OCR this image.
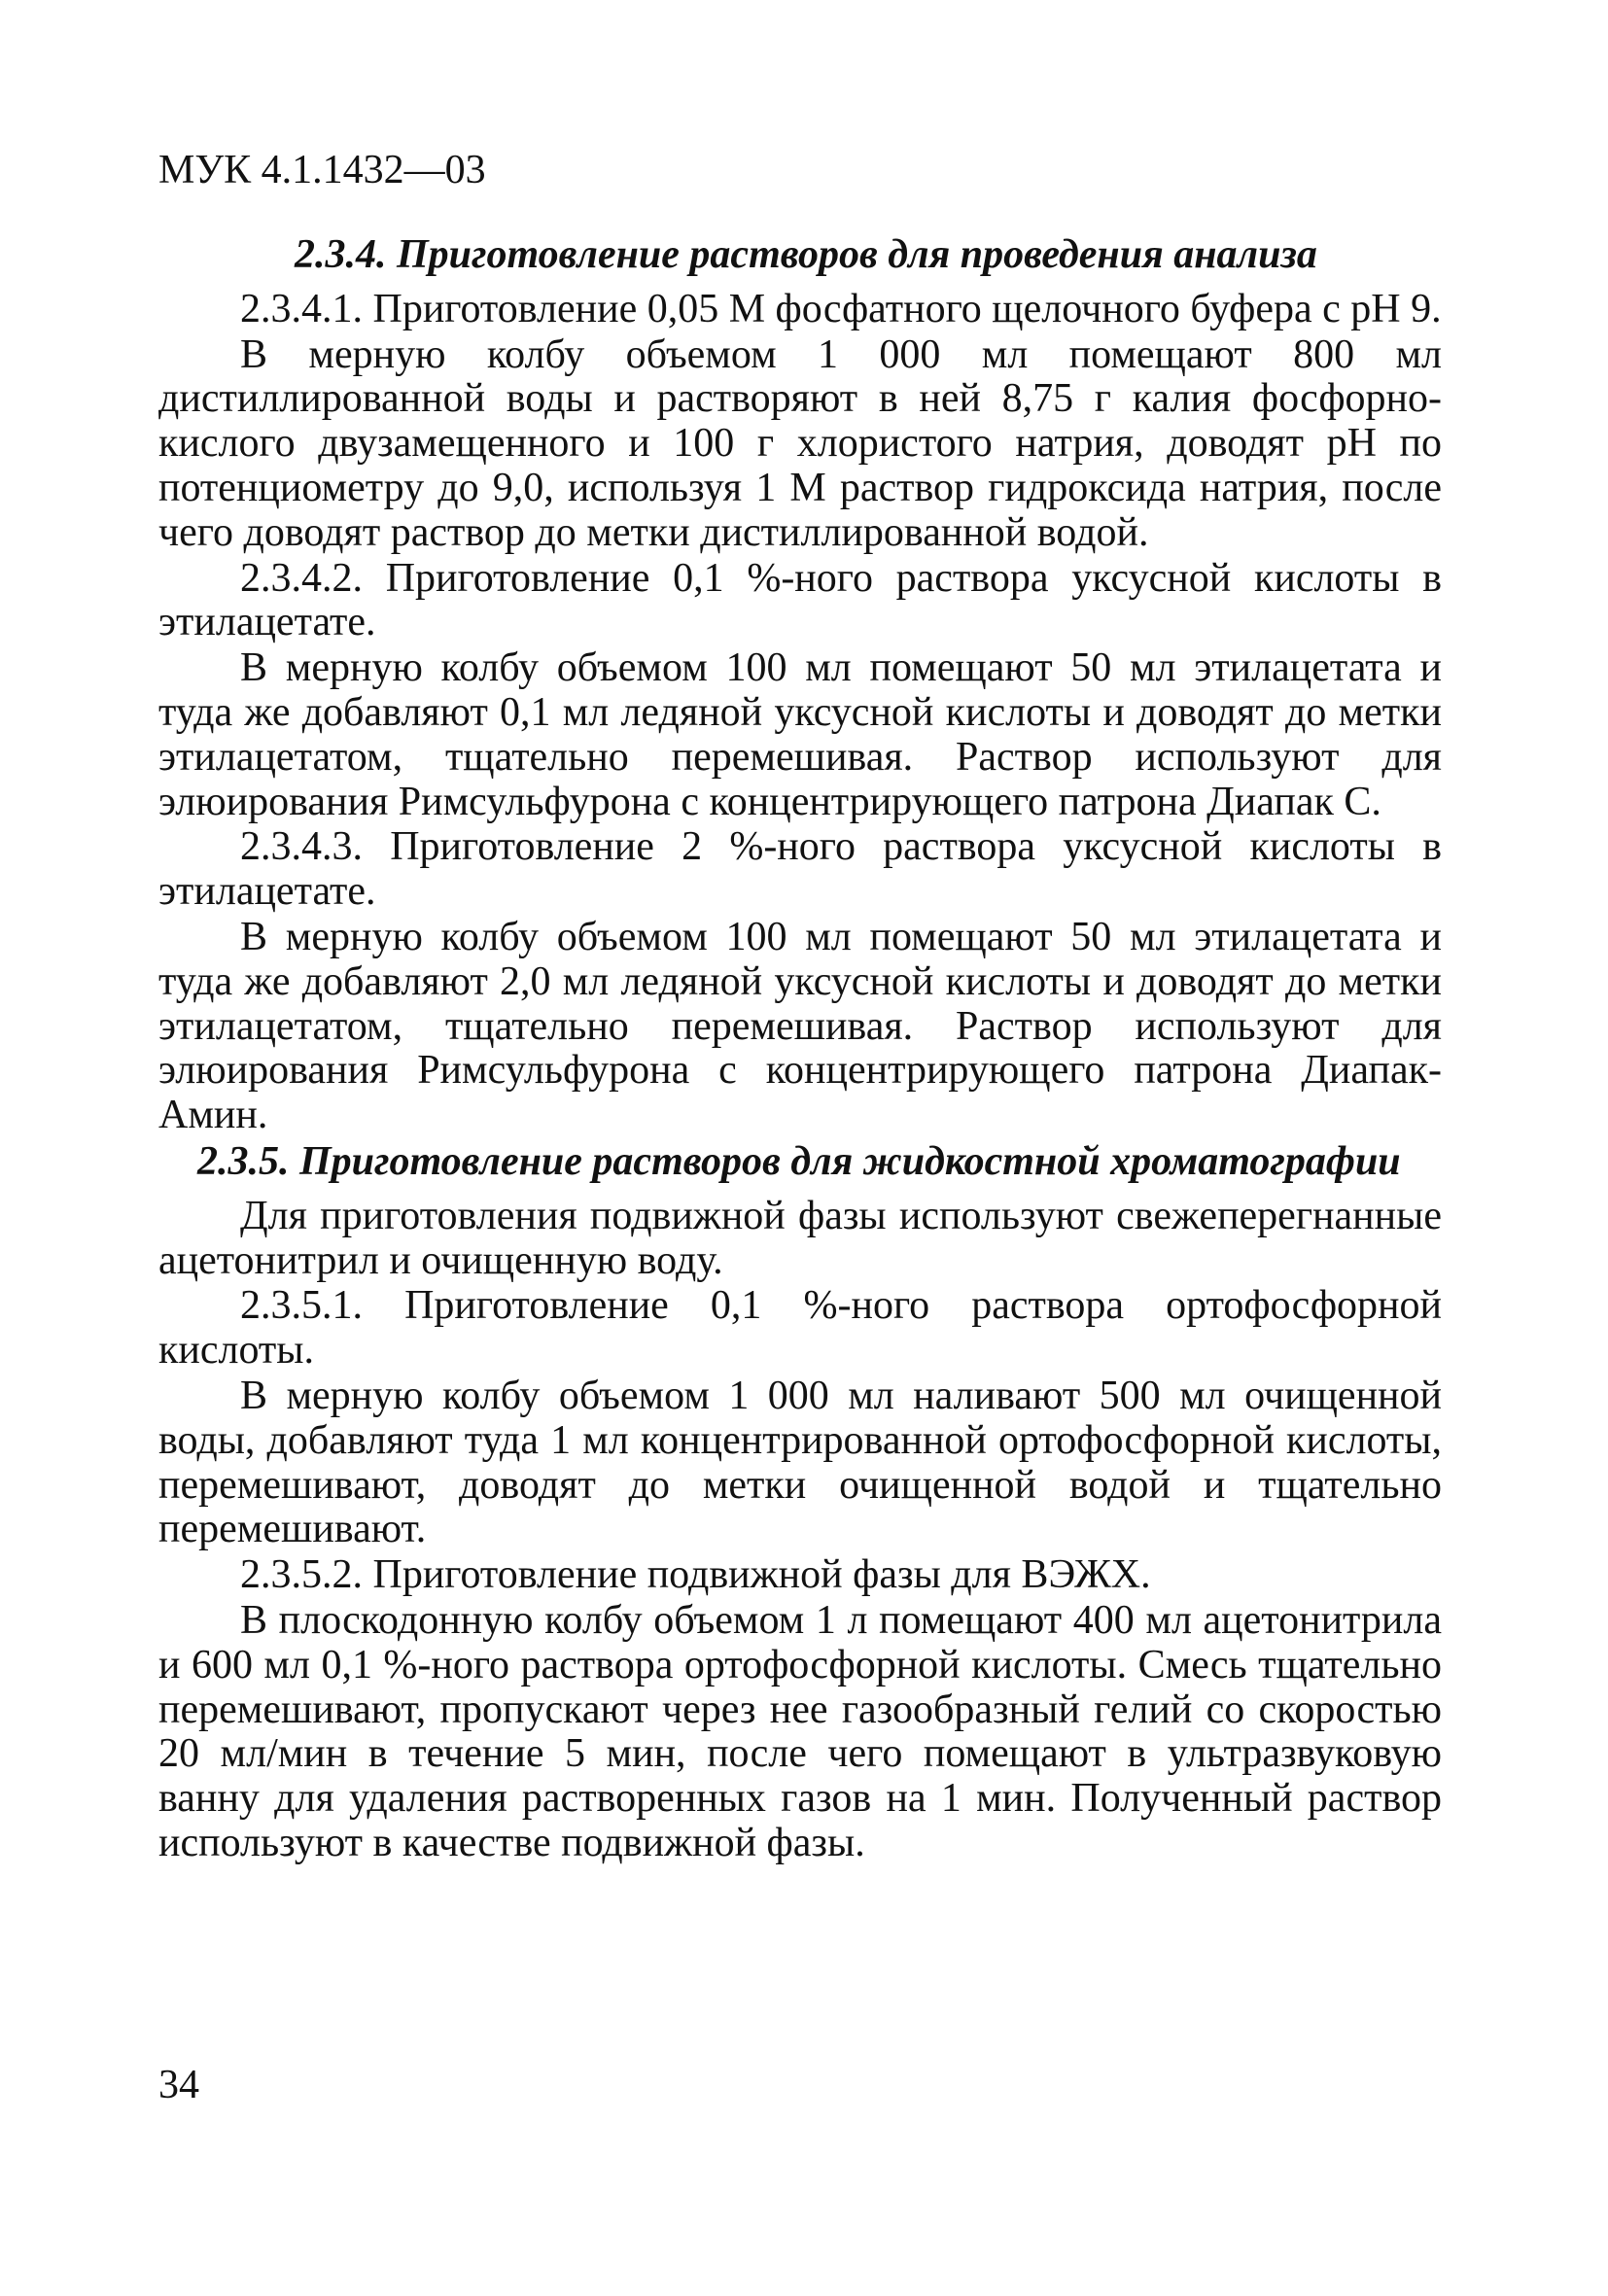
МУК 4.1.1432—03

2.3.4. Приготовление растворов для проведения анализа

2.3.4.1. Приготовление 0,05 М фосфатного щелочного буфера с pH 9.

В мерную колбу объемом 1 000 мл помещают 800 мл дистиллированной воды и растворяют в ней 8,75 г калия фосфорно-кислого двузамещенного и 100 г хлористого натрия, доводят pH по потенциометру до 9,0, используя 1 М раствор гидроксида натрия, после чего доводят раствор до метки дистиллированной водой.

2.3.4.2. Приготовление 0,1 %-ного раствора уксусной кислоты в этилацетате.

В мерную колбу объемом 100 мл помещают 50 мл этилацетата и туда же добавляют 0,1 мл ледяной уксусной кислоты и доводят до метки этилацетатом, тщательно перемешивая. Раствор используют для элюирования Римсульфурона с концентрирующего патрона Диапак С.

2.3.4.3. Приготовление 2 %-ного раствора уксусной кислоты в этилацетате.

В мерную колбу объемом 100 мл помещают 50 мл этилацетата и туда же добавляют 2,0 мл ледяной уксусной кислоты и доводят до метки этилацетатом, тщательно перемешивая. Раствор используют для элюирования Римсульфурона с концентрирующего патрона Диапак-Амин.

2.3.5. Приготовление растворов для жидкостной хроматографии

Для приготовления подвижной фазы используют свежеперегнанные ацетонитрил и очищенную воду.

2.3.5.1. Приготовление 0,1 %-ного раствора ортофосфорной кислоты.

В мерную колбу объемом 1 000 мл наливают 500 мл очищенной воды, добавляют туда 1 мл концентрированной ортофосфорной кислоты, перемешивают, доводят до метки очищенной водой и тщательно перемешивают.

2.3.5.2. Приготовление подвижной фазы для ВЭЖХ.

В плоскодонную колбу объемом 1 л помещают 400 мл ацетонитрила и 600 мл 0,1 %-ного раствора ортофосфорной кислоты. Смесь тщательно перемешивают, пропускают через нее газообразный гелий со скоростью 20 мл/мин в течение 5 мин, после чего помещают в ультразвуковую ванну для удаления растворенных газов на 1 мин. Полученный раствор используют в качестве подвижной фазы.

34
